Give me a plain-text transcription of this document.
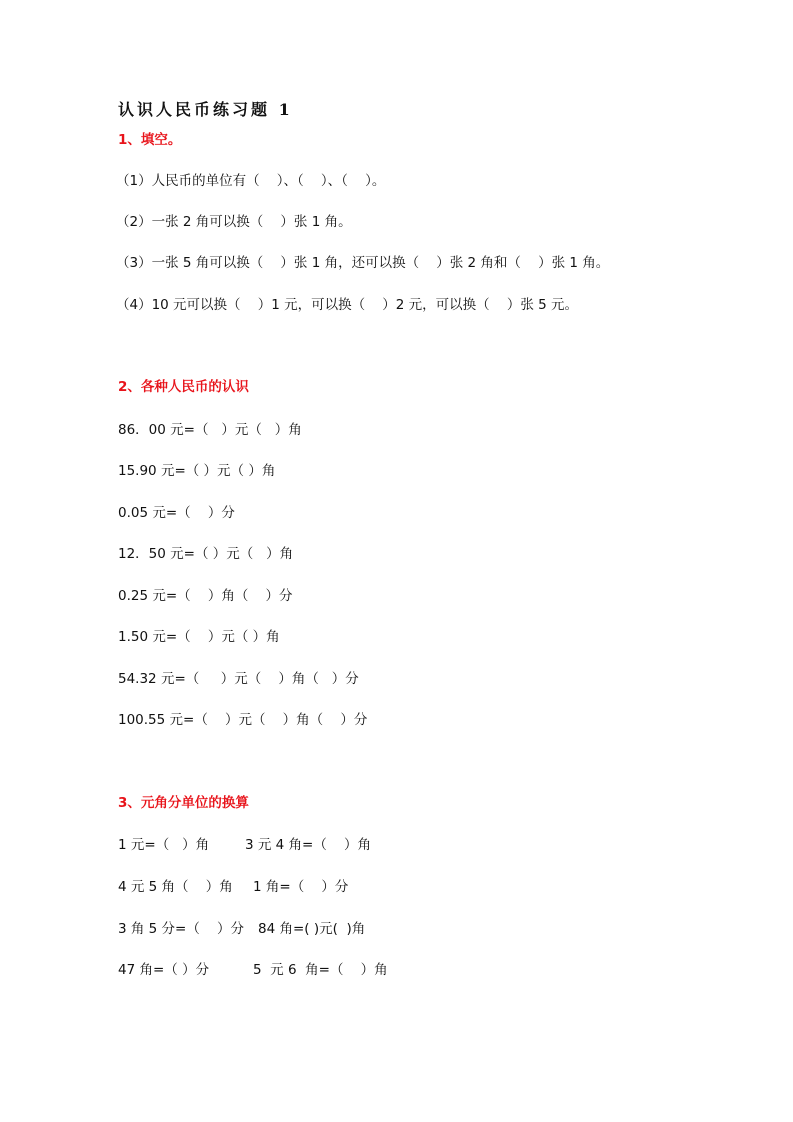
认识人民币练习题 1
1、填空。
（1）人民币的单位有（    ）、（    ）、（    ）。
（2）一张 2 角可以换（    ）张 1 角。
（3）一张 5 角可以换（    ）张 1 角，还可以换（    ）张 2 角和（    ）张 1 角。
（4）10 元可以换（    ）1 元，可以换（    ）2 元，可以换（    ）张 5 元。
2、各种人民币的认识
86．00 元=（   ）元（   ）角
15.90 元=（ ）元（ ）角
0.05 元=（    ）分
12．50 元=（ ）元（   ）角
0.25 元=（    ）角（    ）分
1.50 元=（    ）元（ ）角
54.32 元=（     ）元（    ）角（   ）分
100.55 元=（    ）元（    ）角（    ）分
3、元角分单位的换算
1 元=（   ）角	3 元 4 角=（    ）角
4 元 5 角（    ）角 1 角=（    ）分
3 角 5 分=（    ）分 84 角=( )元(  )角
47 角=（ ）分	5  元 6  角=（    ）角
